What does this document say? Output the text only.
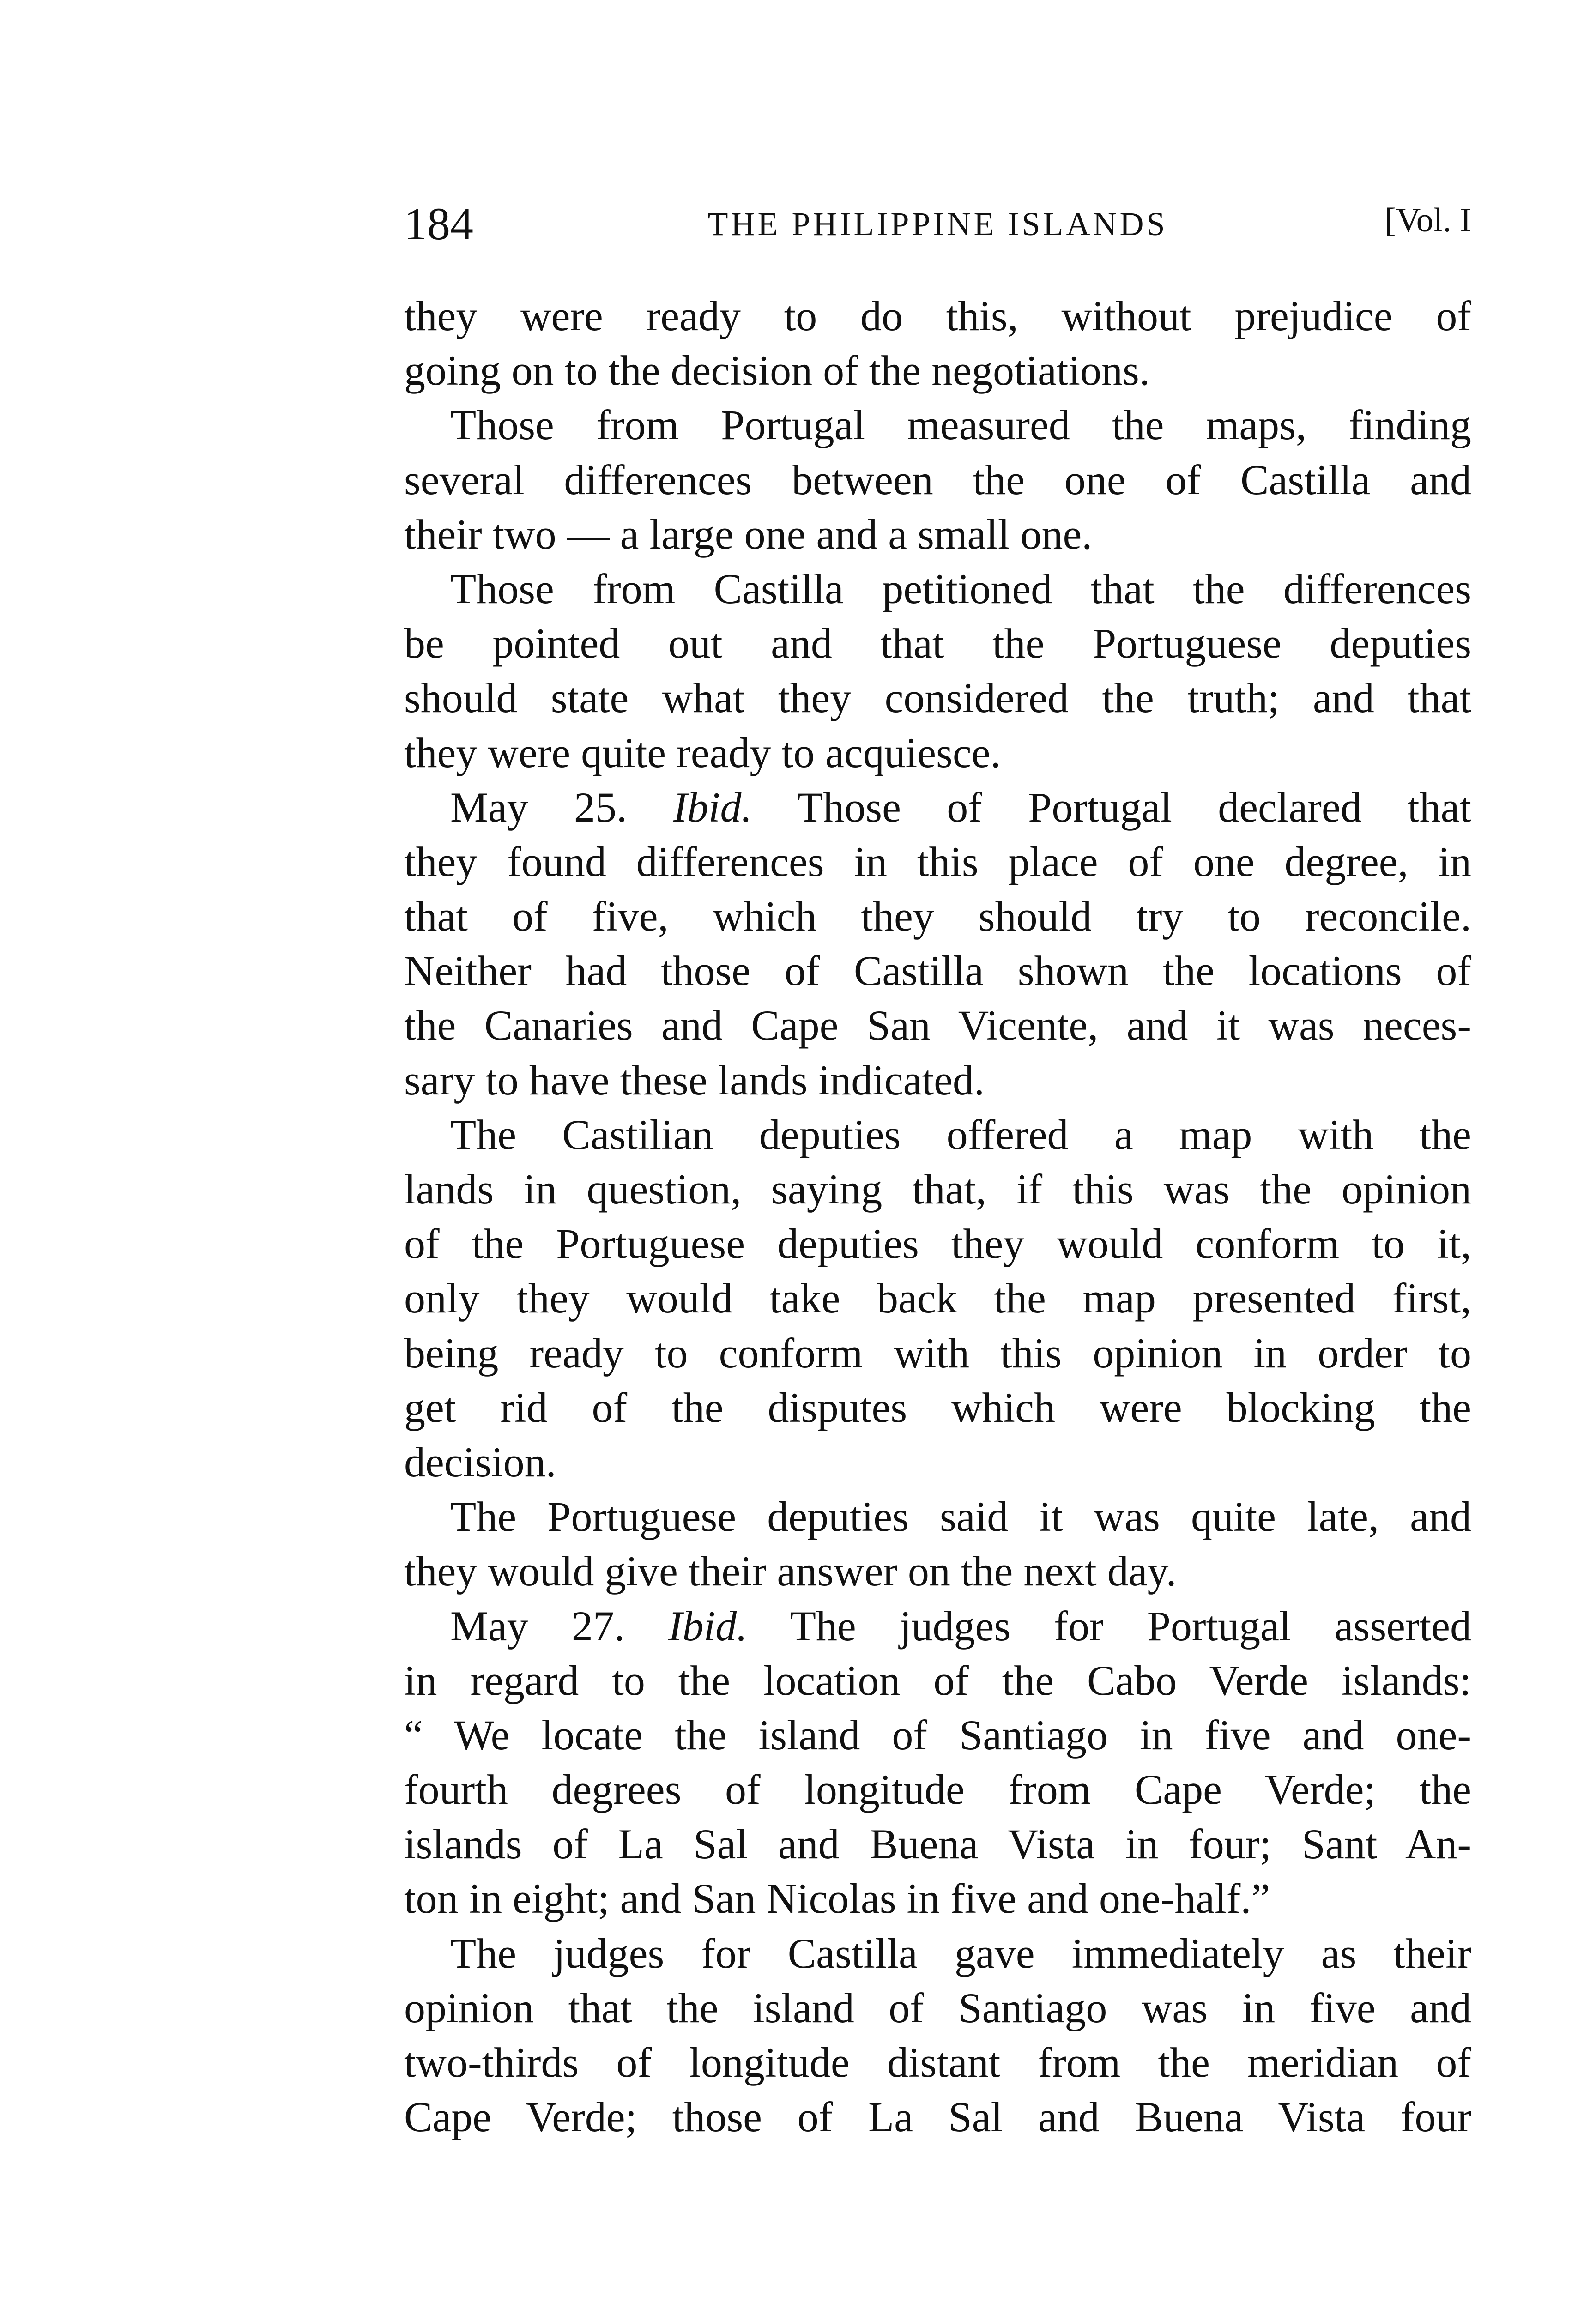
184	THE PHILIPPINE ISLANDS	[Vol. I
they were ready to do this, without prejudice of
going on to the decision of the negotiations.
Those from Portugal measured the maps, finding
several differences between the one of Castilla and
their two — a large one and a small one.
Those from Castilla petitioned that the differences
be pointed out and that the Portuguese deputies
should state what they considered the truth; and that
they were quite ready to acquiesce.
May 25. Ibid. Those of Portugal declared that
they found differences in this place of one degree, in
that of five, which they should try to reconcile.
Neither had those of Castilla shown the locations of
the Canaries and Cape San Vicente, and it was neces-
sary to have these lands indicated.
The Castilian deputies offered a map with the
lands in question, saying that, if this was the opinion
of the Portuguese deputies they would conform to it,
only they would take back the map presented first,
being ready to conform with this opinion in order to
get rid of the disputes which were blocking the
decision.
The Portuguese deputies said it was quite late, and
they would give their answer on the next day.
May 27. Ibid. The judges for Portugal asserted
in regard to the location of the Cabo Verde islands:
“ We locate the island of Santiago in five and one-
fourth degrees of longitude from Cape Verde; the
islands of La Sal and Buena Vista in four; Sant An-
ton in eight; and San Nicolas in five and one-half.”
The judges for Castilla gave immediately as their
opinion that the island of Santiago was in five and
two-thirds of longitude distant from the meridian of
Cape Verde; those of La Sal and Buena Vista four
